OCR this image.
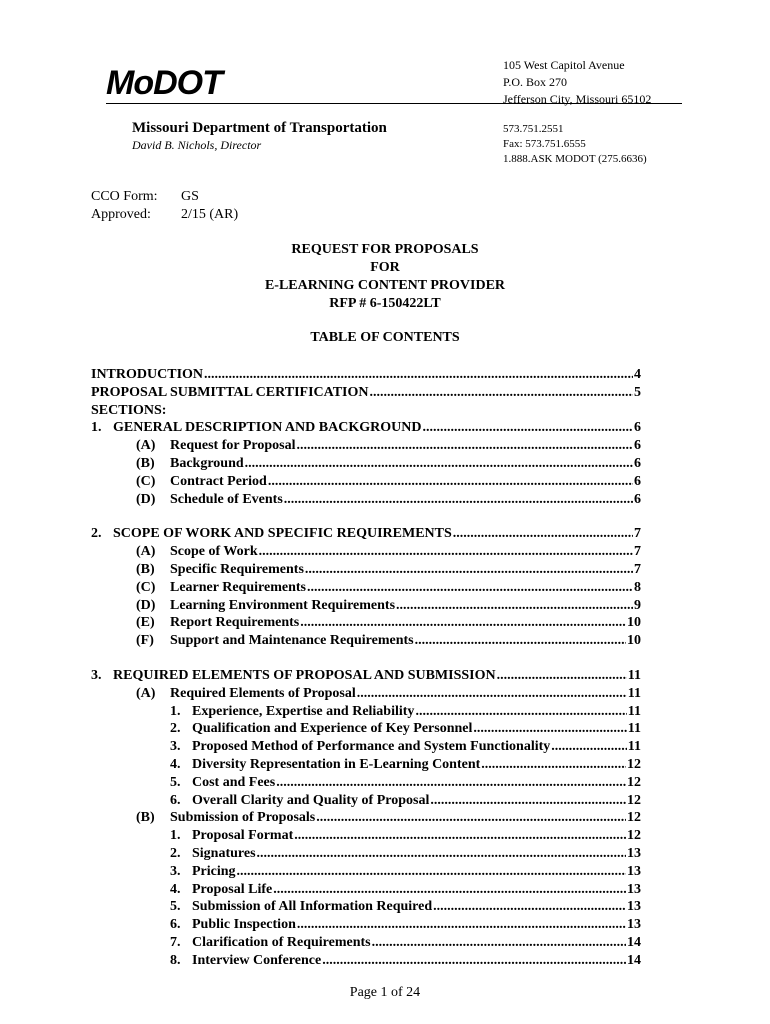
MoDOT	105 West Capitol Avenue
P.O. Box 270
Jefferson City, Missouri 65102
Missouri Department of Transportation
David B. Nichols, Director
573.751.2551
Fax: 573.751.6555
1.888.ASK MODOT (275.6636)
CCO Form:	GS
Approved:	2/15 (AR)
REQUEST FOR PROPOSALS
FOR
E-LEARNING CONTENT PROVIDER
RFP # 6-150422LT
TABLE OF CONTENTS
INTRODUCTION .....	4
PROPOSAL SUBMITTAL CERTIFICATION .....	5
SECTIONS:
1. GENERAL DESCRIPTION AND BACKGROUND .....	6
(A)	Request for Proposal .....	6
(B)	Background .....	6
(C)	Contract Period .....	6
(D)	Schedule of Events .....	6
2. SCOPE OF WORK AND SPECIFIC REQUIREMENTS .....	7
(A)	Scope of Work .....	7
(B)	Specific Requirements .....	7
(C)	Learner Requirements .....	8
(D)	Learning Environment Requirements .....	9
(E)	Report Requirements .....	10
(F)	Support and Maintenance Requirements .....	10
3. REQUIRED ELEMENTS OF PROPOSAL AND SUBMISSION .....	11
(A)	Required Elements of Proposal .....	11
1. Experience, Expertise and Reliability .....	11
2. Qualification and Experience of Key Personnel .....	11
3. Proposed Method of Performance and System Functionality .....	11
4. Diversity Representation in E-Learning Content .....	12
5. Cost and Fees .....	12
6. Overall Clarity and Quality of Proposal .....	12
(B)	Submission of Proposals .....	12
1. Proposal Format .....	12
2. Signatures .....	13
3. Pricing .....	13
4. Proposal Life .....	13
5. Submission of All Information Required .....	13
6. Public Inspection .....	13
7. Clarification of Requirements .....	14
8. Interview Conference .....	14
Page 1 of 24
